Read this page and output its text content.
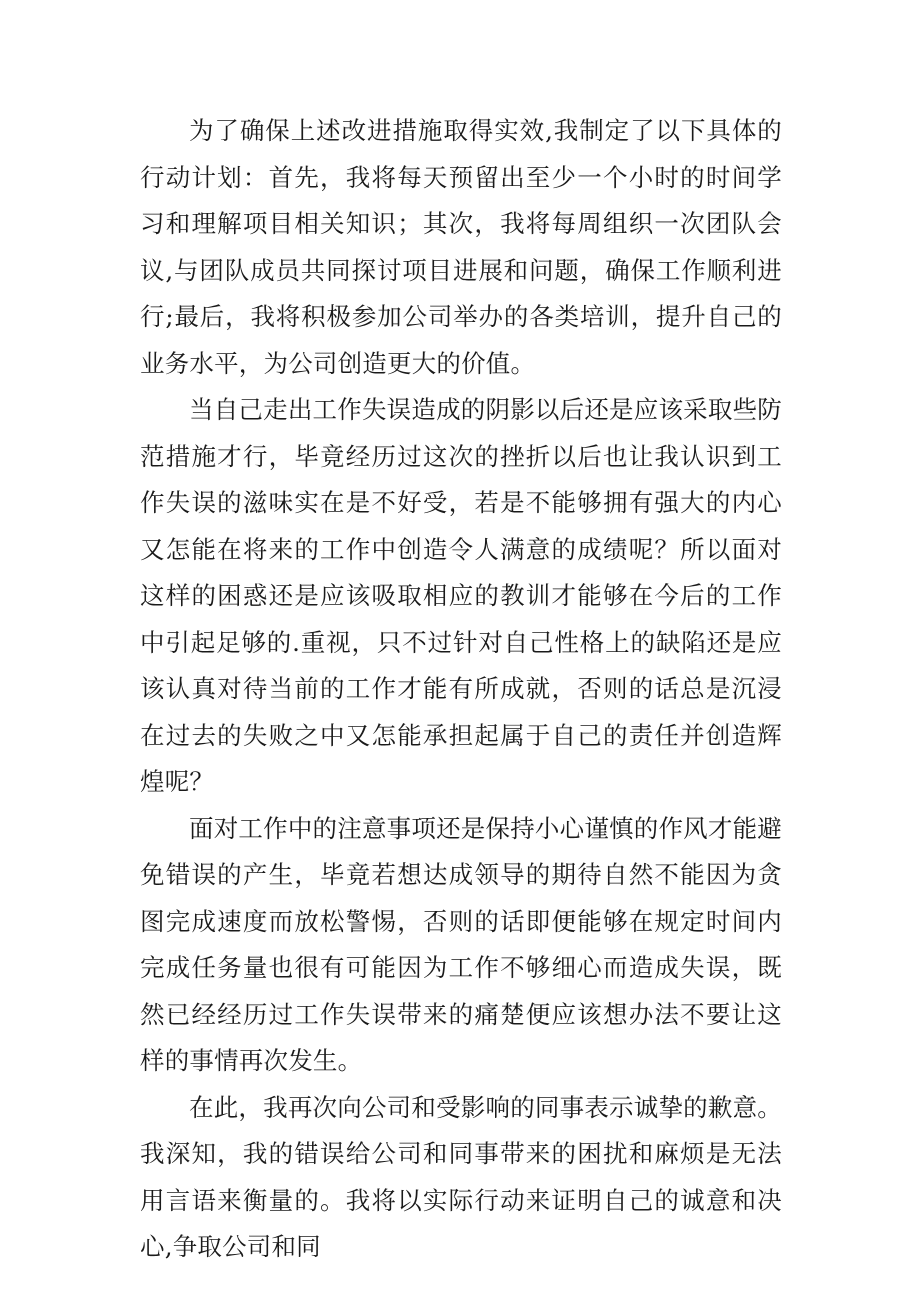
为了确保上述改进措施取得实效,我制定了以下具体的行动计划：首先，我将每天预留出至少一个小时的时间学习和理解项目相关知识；其次，我将每周组织一次团队会议,与团队成员共同探讨项目进展和问题，确保工作顺利进行;最后，我将积极参加公司举办的各类培训，提升自己的业务水平，为公司创造更大的价值。

当自己走出工作失误造成的阴影以后还是应该采取些防范措施才行，毕竟经历过这次的挫折以后也让我认识到工作失误的滋味实在是不好受，若是不能够拥有强大的内心又怎能在将来的工作中创造令人满意的成绩呢？所以面对这样的困惑还是应该吸取相应的教训才能够在今后的工作中引起足够的.重视，只不过针对自己性格上的缺陷还是应该认真对待当前的工作才能有所成就，否则的话总是沉浸在过去的失败之中又怎能承担起属于自己的责任并创造辉煌呢？

面对工作中的注意事项还是保持小心谨慎的作风才能避免错误的产生，毕竟若想达成领导的期待自然不能因为贪图完成速度而放松警惕，否则的话即便能够在规定时间内完成任务量也很有可能因为工作不够细心而造成失误，既然已经经历过工作失误带来的痛楚便应该想办法不要让这样的事情再次发生。

在此，我再次向公司和受影响的同事表示诚挚的歉意。我深知，我的错误给公司和同事带来的困扰和麻烦是无法用言语来衡量的。我将以实际行动来证明自己的诚意和决心,争取公司和同
